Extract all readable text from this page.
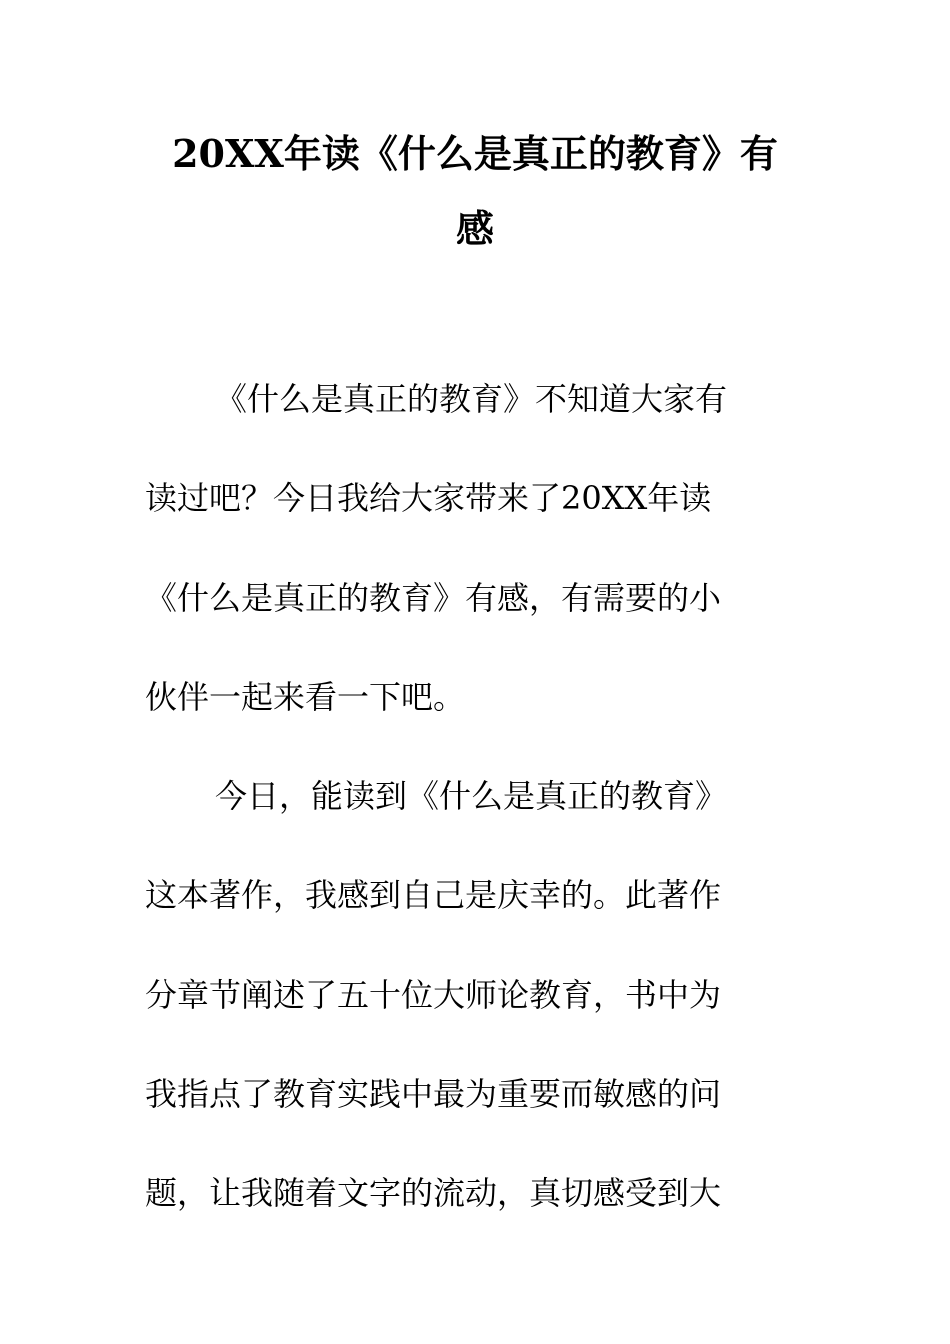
20XX年读《什么是真正的教育》有
感

《什么是真正的教育》不知道大家有

读过吧？今日我给大家带来了20XX年读

《什么是真正的教育》有感，有需要的小

伙伴一起来看一下吧。

今日，能读到《什么是真正的教育》

这本著作，我感到自己是庆幸的。此著作

分章节阐述了五十位大师论教育，书中为

我指点了教育实践中最为重要而敏感的问

题，让我随着文字的流动，真切感受到大
